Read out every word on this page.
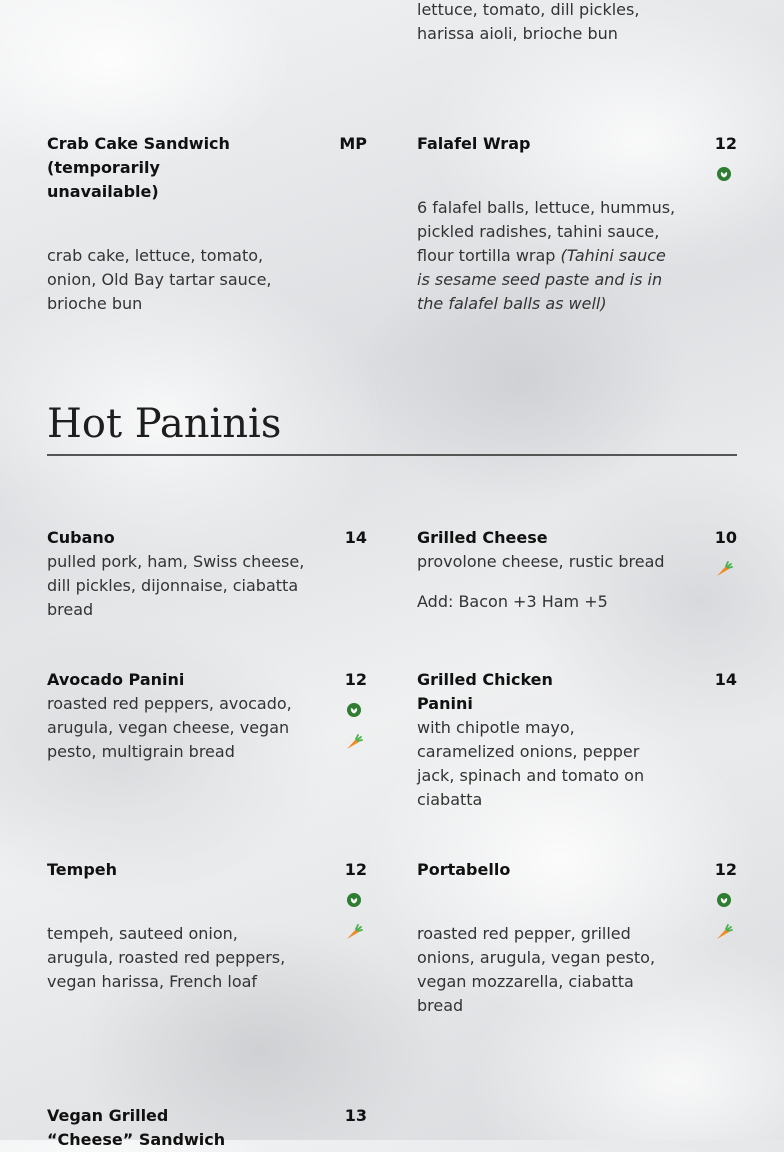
lettuce, tomato, dill pickles, harissa aioli, brioche bun
Crab Cake Sandwich (temporarily unavailable)
MP
crab cake, lettuce, tomato, onion, Old Bay tartar sauce, brioche bun
Falafel Wrap	12
6 falafel balls, lettuce, hummus, pickled radishes, tahini sauce, flour tortilla wrap (Tahini sauce is sesame seed paste and is in the falafel balls as well)
Hot Paninis
Cubano	14
pulled pork, ham, Swiss cheese, dill pickles, dijonnaise, ciabatta bread
Grilled Cheese	10
provolone cheese, rustic bread
Add: Bacon +3 Ham +5
Avocado Panini	12
roasted red peppers, avocado, arugula, vegan cheese, vegan pesto, multigrain bread
Grilled Chicken Panini
14
with chipotle mayo, caramelized onions, pepper jack, spinach and tomato on ciabatta
Tempeh	12
tempeh, sauteed onion, arugula, roasted red peppers, vegan harissa, French loaf
Portabello	12
roasted red pepper, grilled onions, arugula, vegan pesto, vegan mozzarella, ciabatta bread
Vegan Grilled “Cheese” Sandwich
13
